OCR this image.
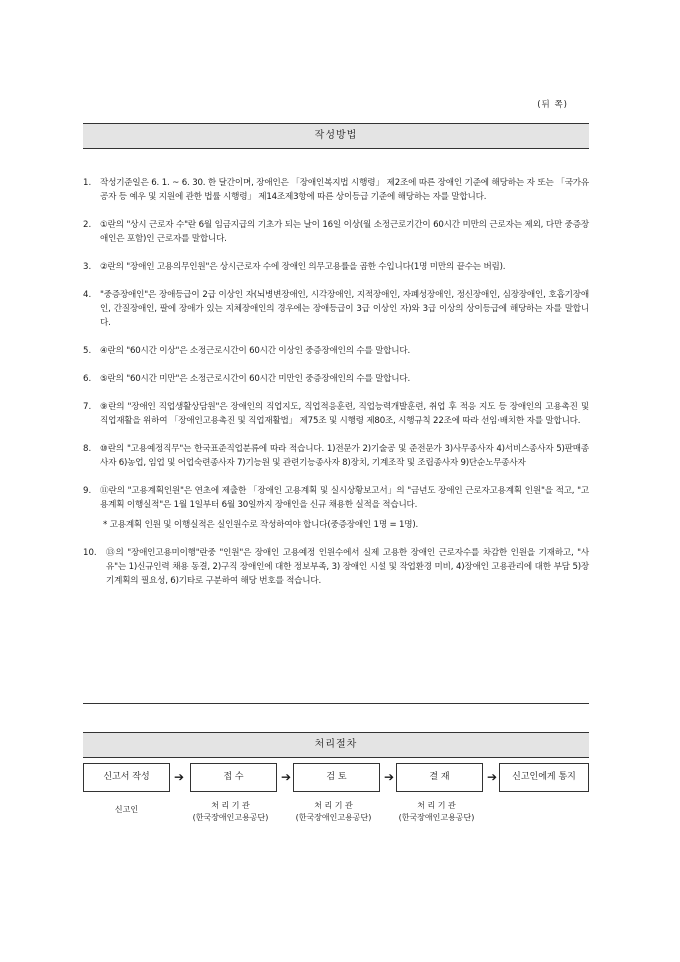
(뒤 쪽)
작성방법
1.	작성기준일은 6. 1. ~ 6. 30. 한 달간이며, 장애인은 「장애인복지법 시행령」 제2조에 따른 장애인 기준에 해당하는 자 또는 「국가유공자 등 예우 및 지원에 관한 법률 시행령」 제14조제3항에 따른 상이등급 기준에 해당하는 자를 말합니다.
2.	①란의 "상시 근로자 수"란 6월 임금지급의 기초가 되는 날이 16일 이상(월 소정근로기간이 60시간 미만의 근로자는 제외, 다만 중증장애인은 포함)인 근로자를 말합니다.
3.	②란의 "장애인 고용의무인원"은 상시근로자 수에 장애인 의무고용률을 곱한 수입니다(1명 미만의 끝수는 버림).
4.	"중증장애인"은 장애등급이 2급 이상인 자(뇌병변장애인, 시각장애인, 지적장애인, 자폐성장애인, 정신장애인, 심장장애인, 호흡기장애인, 간질장애인, 팔에 장애가 있는 지체장애인의 경우에는 장애등급이 3급 이상인 자)와 3급 이상의 상이등급에 해당하는 자를 말합니다.
5.	④란의 "60시간 이상"은 소정근로시간이 60시간 이상인 중증장애인의 수를 말합니다.
6.	⑤란의 "60시간 미만"은 소정근로시간이 60시간 미만인 중증장애인의 수를 말합니다.
7.	⑨란의 "장애인 직업생활상담원"은 장애인의 직업지도, 직업적응훈련, 직업능력개발훈련, 취업 후 적응 지도 등 장애인의 고용촉진 및 직업재활을 위하여 「장애인고용촉진 및 직업재활법」 제75조 및 시행령 제80조, 시행규칙 22조에 따라 선임·배치한 자를 말합니다.
8.	⑩란의 "고용예정직무"는 한국표준직업분류에 따라 적습니다. 1)전문가 2)기술공 및 준전문가 3)사무종사자 4)서비스종사자 5)판매종사자 6)농업, 임업 및 어업숙련종사자 7)기능원 및 관련기능종사자 8)장치, 기계조작 및 조립종사자 9)단순노무종사자
9.	⑪란의 "고용계획인원"은 연초에 제출한 「장애인 고용계획 및 실시상황보고서」의 "금년도 장애인 근로자고용계획 인원"을 적고, "고용계획 이행실적"은 1월 1일부터 6월 30일까지 장애인을 신규 채용한 실적을 적습니다.
* 고용계획 인원 및 이행실적은 실인원수로 작성하여야 합니다(중증장애인 1명 = 1명).
10.	⑬의 "장애인고용미이행"란중 "인원"은 장애인 고용예정 인원수에서 실제 고용한 장애인 근로자수를 차감한 인원을 기재하고, "사유"는 1)신규인력 채용 동결, 2)구직 장애인에 대한 정보부족, 3) 장애인 시설 및 작업환경 미비, 4)장애인 고용관리에 대한 부담 5)장기계획의 필요성, 6)기타로 구분하여 해당 번호를 적습니다.
처리절차
신고서 작성	➔	접 수	➔	검 토	➔	결 재	➔	신고인에게 통지
신고인	처 리 기 관
(한국장애인고용공단)
처 리 기 관
(한국장애인고용공단)
처 리 기 관
(한국장애인고용공단)
